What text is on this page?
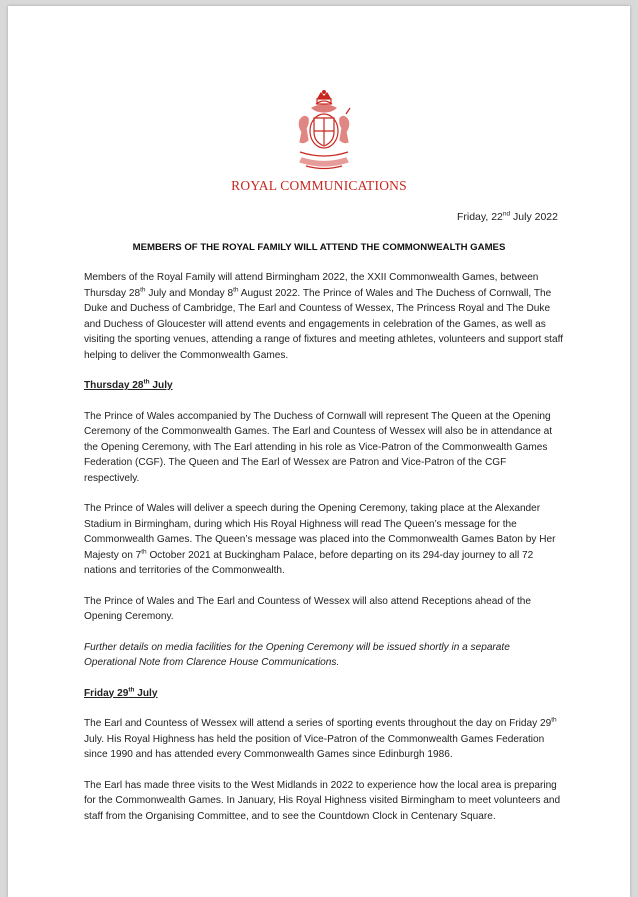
ROYAL COMMUNICATIONS
Friday, 22nd July 2022
MEMBERS OF THE ROYAL FAMILY WILL ATTEND THE COMMONWEALTH GAMES

Members of the Royal Family will attend Birmingham 2022, the XXII Commonwealth Games, between Thursday 28th July and Monday 8th August 2022. The Prince of Wales and The Duchess of Cornwall, The Duke and Duchess of Cambridge, The Earl and Countess of Wessex, The Princess Royal and The Duke and Duchess of Gloucester will attend events and engagements in celebration of the Games, as well as visiting the sporting venues, attending a range of fixtures and meeting athletes, volunteers and support staff helping to deliver the Commonwealth Games.

Thursday 28th July

The Prince of Wales accompanied by The Duchess of Cornwall will represent The Queen at the Opening Ceremony of the Commonwealth Games. The Earl and Countess of Wessex will also be in attendance at the Opening Ceremony, with The Earl attending in his role as Vice-Patron of the Commonwealth Games Federation (CGF). The Queen and The Earl of Wessex are Patron and Vice-Patron of the CGF respectively.

The Prince of Wales will deliver a speech during the Opening Ceremony, taking place at the Alexander Stadium in Birmingham, during which His Royal Highness will read The Queen’s message for the Commonwealth Games. The Queen’s message was placed into the Commonwealth Games Baton by Her Majesty on 7th October 2021 at Buckingham Palace, before departing on its 294-day journey to all 72 nations and territories of the Commonwealth.

The Prince of Wales and The Earl and Countess of Wessex will also attend Receptions ahead of the Opening Ceremony.

Further details on media facilities for the Opening Ceremony will be issued shortly in a separate Operational Note from Clarence House Communications.

Friday 29th July

The Earl and Countess of Wessex will attend a series of sporting events throughout the day on Friday 29th July. His Royal Highness has held the position of Vice-Patron of the Commonwealth Games Federation since 1990 and has attended every Commonwealth Games since Edinburgh 1986.

The Earl has made three visits to the West Midlands in 2022 to experience how the local area is preparing for the Commonwealth Games. In January, His Royal Highness visited Birmingham to meet volunteers and staff from the Organising Committee, and to see the Countdown Clock in Centenary Square.
